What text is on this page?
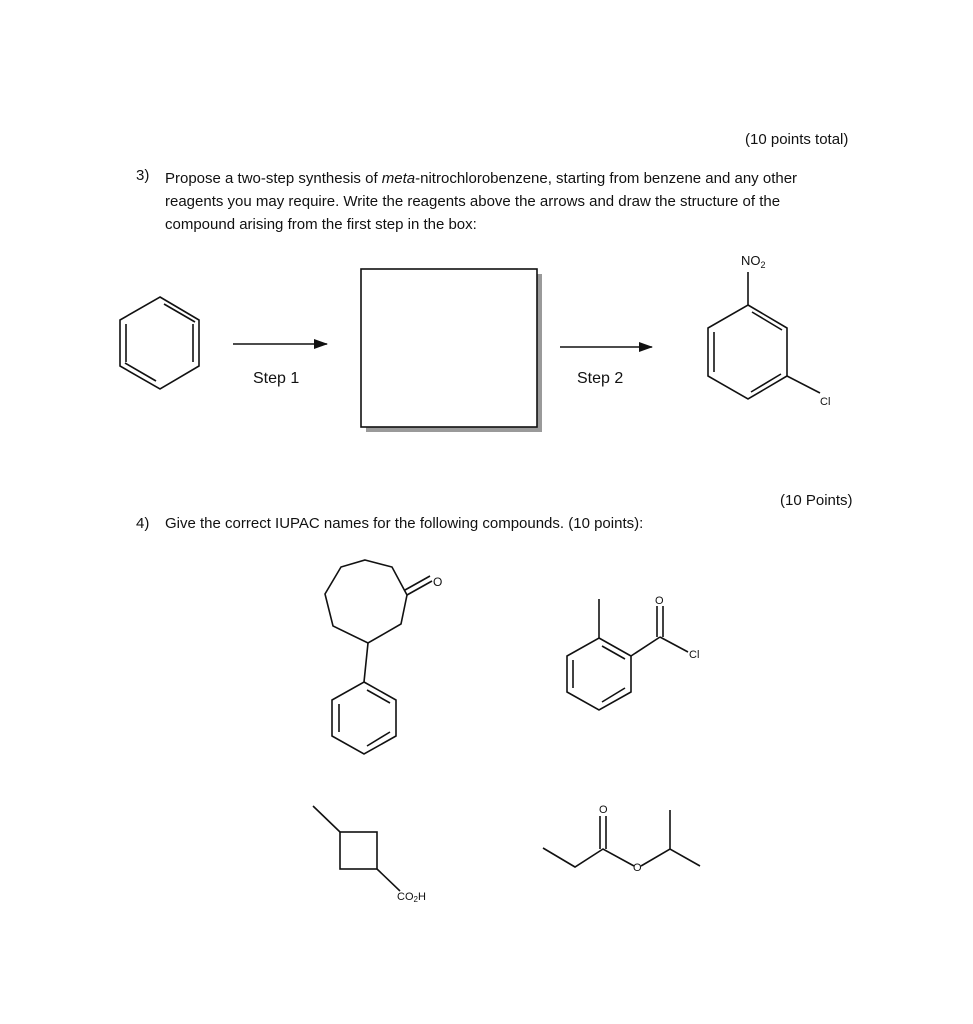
(10 points total)
3) Propose a two-step synthesis of meta-nitrochlorobenzene, starting from benzene and any other
reagents you may require. Write the reagents above the arrows and draw the structure of the
compound arising from the first step in the box:
(10 Points)
4) Give the correct IUPAC names for the following compounds. (10 points):
Step 1	Step 2
$NO_2$
Cl
O
O
Cl
CO2H
O
O
